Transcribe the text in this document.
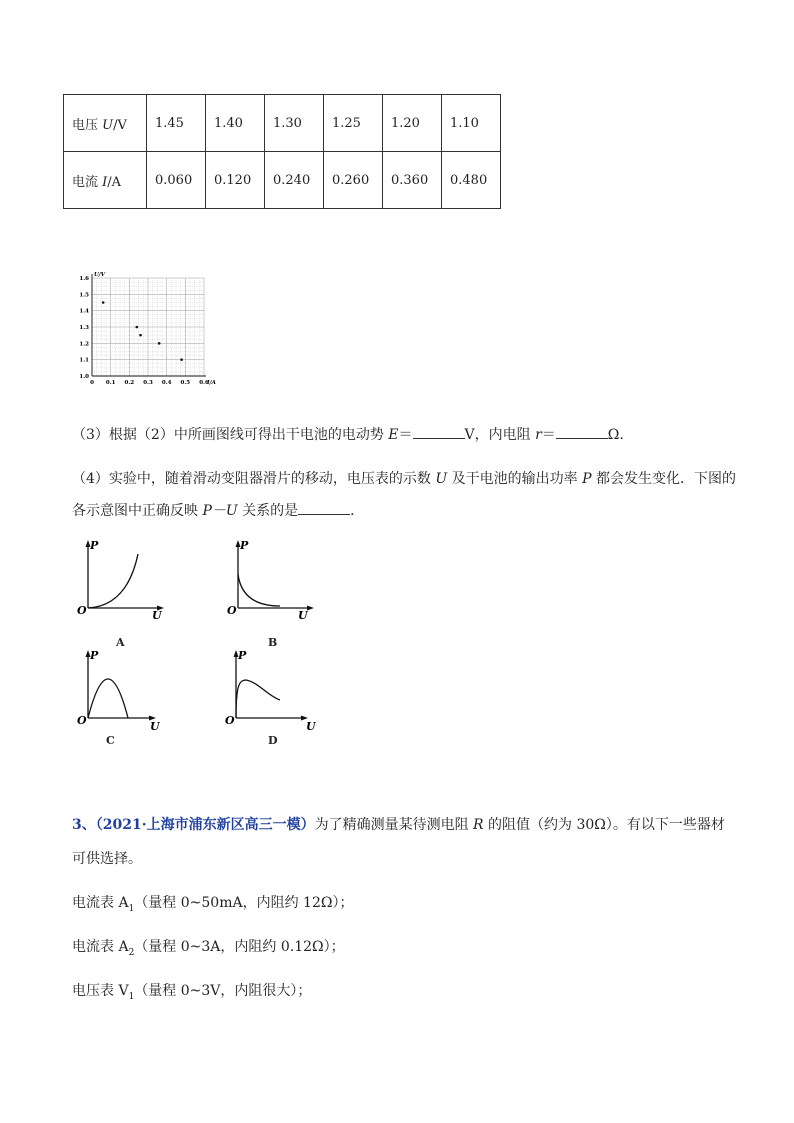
电压 U/V	1.45	1.40	1.30	1.25	1.20	1.10
电流 I/A	0.060	0.120	0.240	0.260	0.360	0.480
1.0
1.1
1.2
1.3
1.4
1.5
1.6
0 0.1 0.2 0.3 0.4 0.5 0.6
U/V
I/A
（3）根据（2）中所画图线可得出干电池的电动势 E＝	V，内电阻 r＝	Ω.
（4）实验中，随着滑动变阻器滑片的移动，电压表的示数 U 及干电池的输出功率 P 都会发生变化．下图的
各示意图中正确反映 P－U 关系的是	．
P
O	U
A
P
O	U
B
P
O	U
C
P
O	U
D
3、（2021·上海市浦东新区高三一模）为了精确测量某待测电阻 R 的阻值（约为 30Ω）。有以下一些器材
可供选择。
电流表 $A_1$（量程 0~50mA，内阻约 12Ω）；
电流表 $A_2$（量程 0~3A，内阻约 0.12Ω）；
电压表 $V_1$（量程 0~3V，内阻很大）；
